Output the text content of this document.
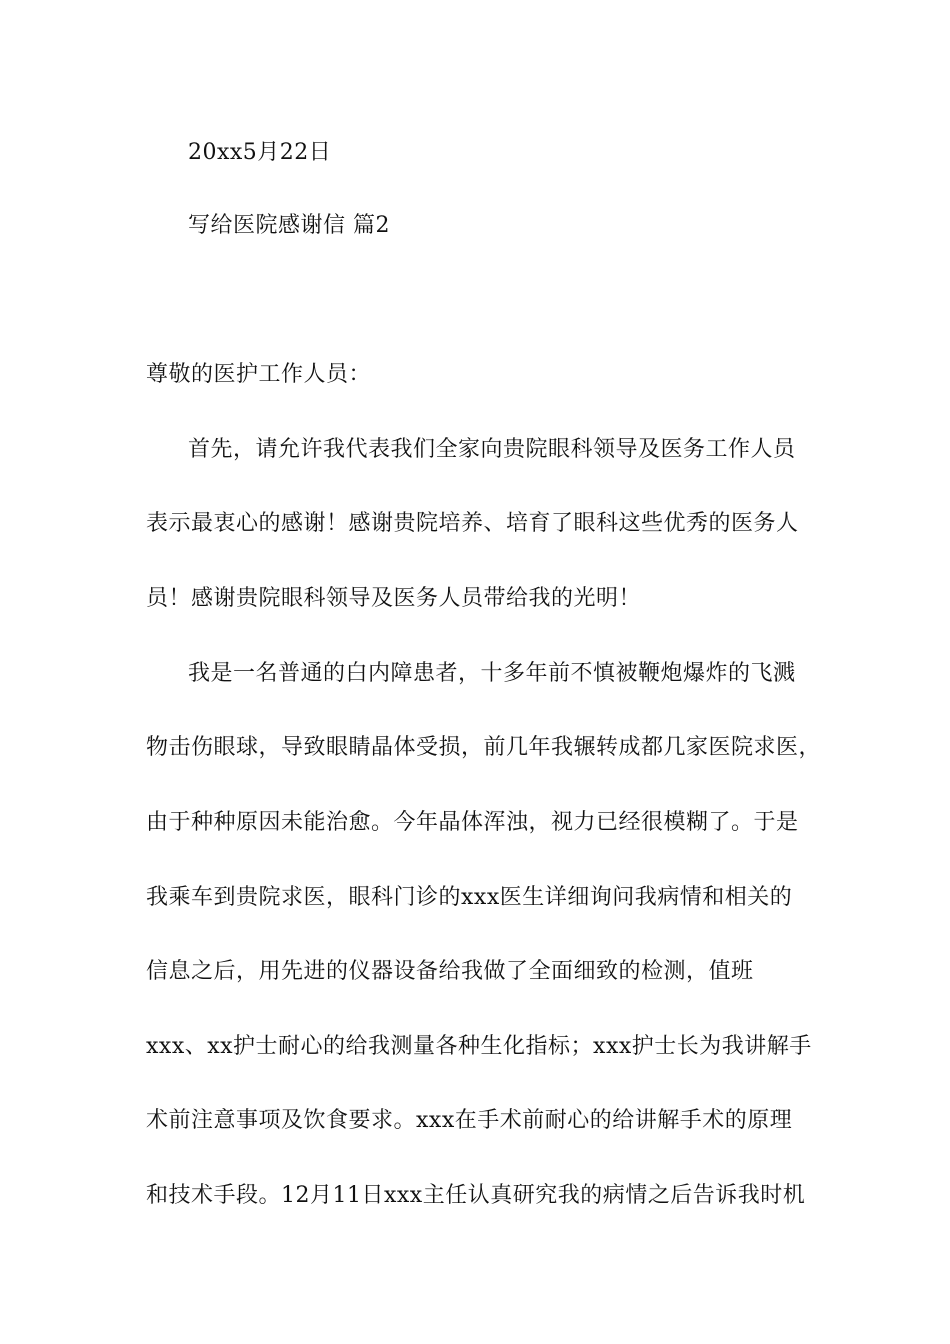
20xx5月22日

写给医院感谢信 篇2

尊敬的医护工作人员：

首先，请允许我代表我们全家向贵院眼科领导及医务工作人员

表示最衷心的感谢！感谢贵院培养、培育了眼科这些优秀的医务人

员！感谢贵院眼科领导及医务人员带给我的光明！

我是一名普通的白内障患者，十多年前不慎被鞭炮爆炸的飞溅

物击伤眼球，导致眼睛晶体受损，前几年我辗转成都几家医院求医，

由于种种原因未能治愈。今年晶体浑浊，视力已经很模糊了。于是

我乘车到贵院求医，眼科门诊的xxx医生详细询问我病情和相关的

信息之后，用先进的仪器设备给我做了全面细致的检测，值班

xxx、xx护士耐心的给我测量各种生化指标；xxx护士长为我讲解手

术前注意事项及饮食要求。xxx在手术前耐心的给讲解手术的原理

和技术手段。12月11日xxx主任认真研究我的病情之后告诉我时机
